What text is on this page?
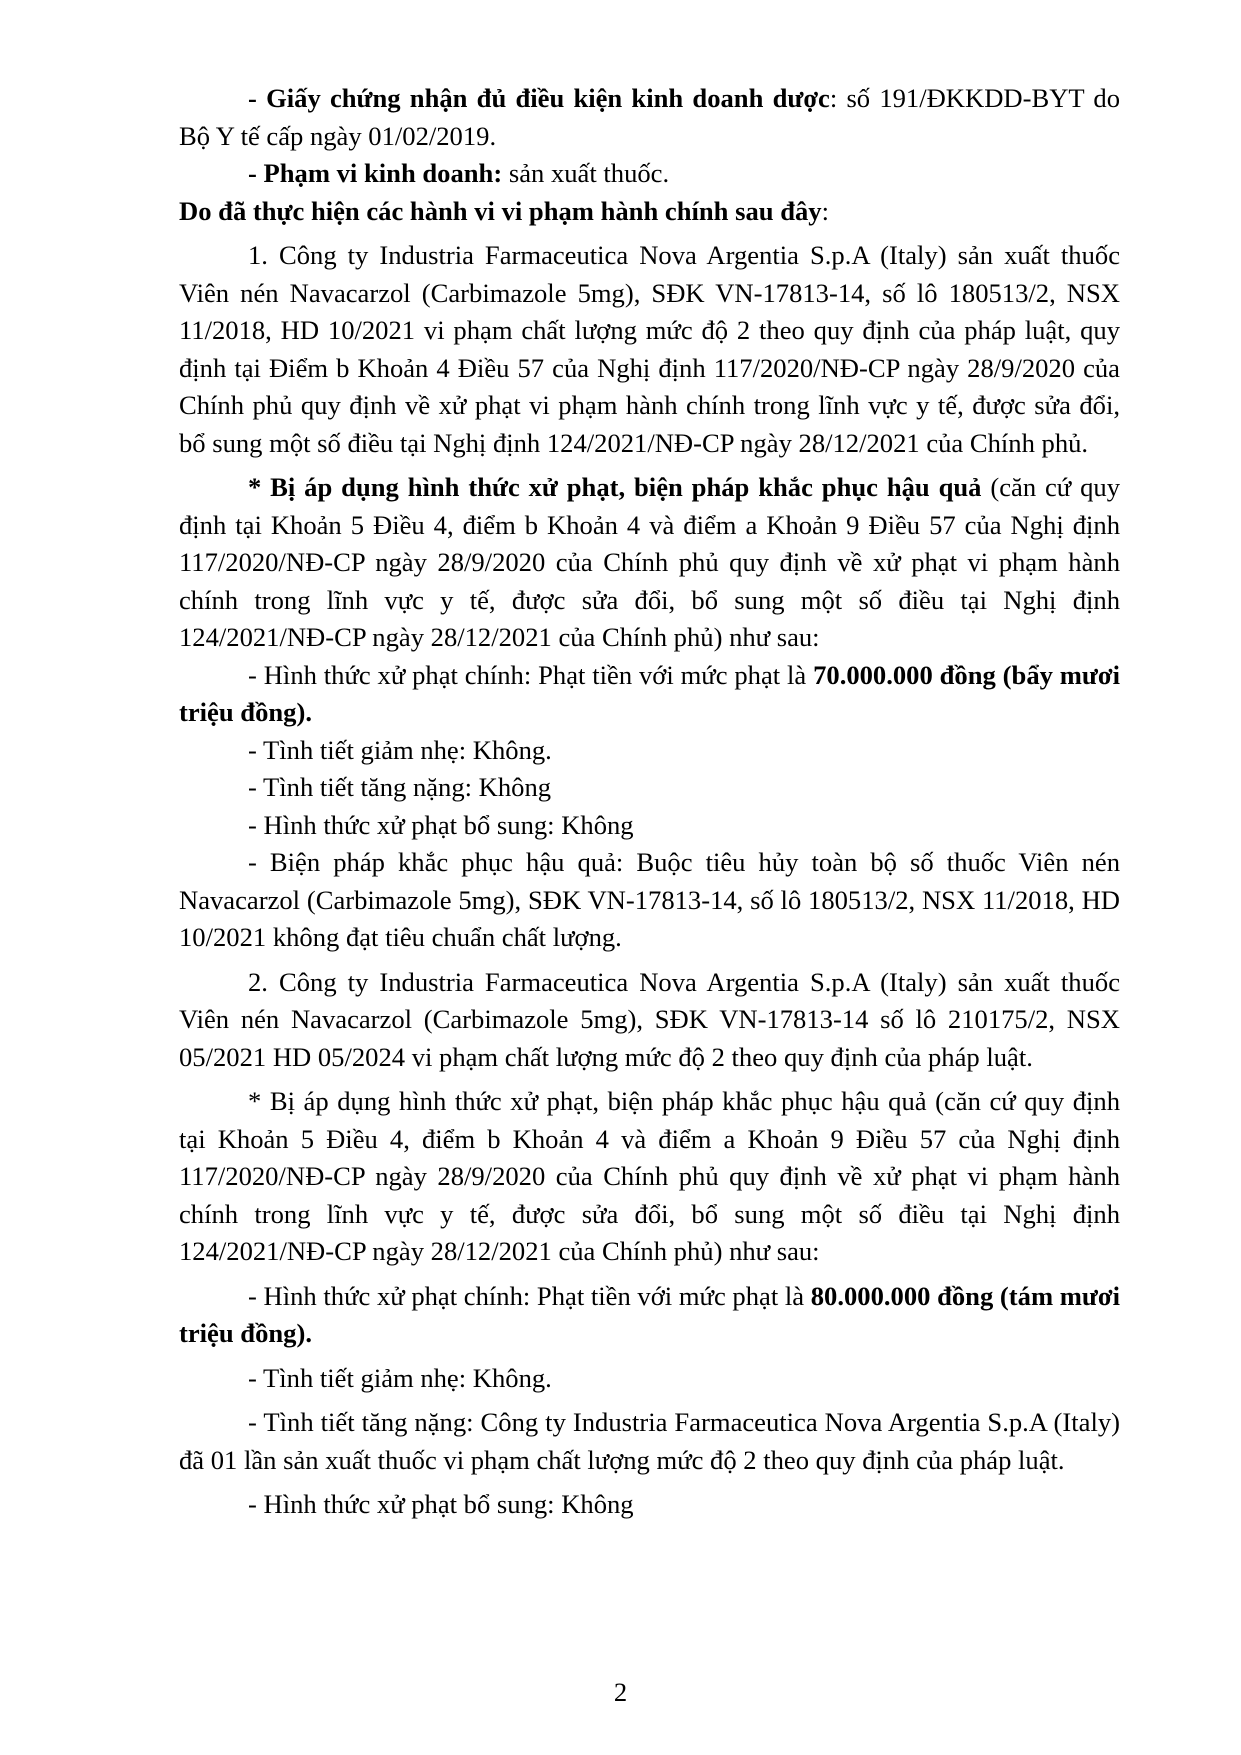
- Giấy chứng nhận đủ điều kiện kinh doanh dược: số 191/ĐKKDD-BYT do Bộ Y tế cấp ngày 01/02/2019.

- Phạm vi kinh doanh: sản xuất thuốc.

Do đã thực hiện các hành vi vi phạm hành chính sau đây:

1. Công ty Industria Farmaceutica Nova Argentia S.p.A (Italy) sản xuất thuốc Viên nén Navacarzol (Carbimazole 5mg), SĐK VN-17813-14, số lô 180513/2, NSX 11/2018, HD 10/2021 vi phạm chất lượng mức độ 2 theo quy định của pháp luật, quy định tại Điểm b Khoản 4 Điều 57 của Nghị định 117/2020/NĐ-CP ngày 28/9/2020 của Chính phủ quy định về xử phạt vi phạm hành chính trong lĩnh vực y tế, được sửa đổi, bổ sung một số điều tại Nghị định 124/2021/NĐ-CP ngày 28/12/2021 của Chính phủ.

* Bị áp dụng hình thức xử phạt, biện pháp khắc phục hậu quả (căn cứ quy định tại Khoản 5 Điều 4, điểm b Khoản 4 và điểm a Khoản 9 Điều 57 của Nghị định 117/2020/NĐ-CP ngày 28/9/2020 của Chính phủ quy định về xử phạt vi phạm hành chính trong lĩnh vực y tế, được sửa đổi, bổ sung một số điều tại Nghị định 124/2021/NĐ-CP ngày 28/12/2021 của Chính phủ) như sau:

- Hình thức xử phạt chính: Phạt tiền với mức phạt là 70.000.000 đồng (bẩy mươi triệu đồng).

- Tình tiết giảm nhẹ: Không.

- Tình tiết tăng nặng: Không

- Hình thức xử phạt bổ sung: Không

- Biện pháp khắc phục hậu quả: Buộc tiêu hủy toàn bộ số thuốc Viên nén Navacarzol (Carbimazole 5mg), SĐK VN-17813-14, số lô 180513/2, NSX 11/2018, HD 10/2021 không đạt tiêu chuẩn chất lượng.

2. Công ty Industria Farmaceutica Nova Argentia S.p.A (Italy) sản xuất thuốc Viên nén Navacarzol (Carbimazole 5mg), SĐK VN-17813-14 số lô 210175/2, NSX 05/2021 HD 05/2024 vi phạm chất lượng mức độ 2 theo quy định của pháp luật.

* Bị áp dụng hình thức xử phạt, biện pháp khắc phục hậu quả (căn cứ quy định tại Khoản 5 Điều 4, điểm b Khoản 4 và điểm a Khoản 9 Điều 57 của Nghị định 117/2020/NĐ-CP ngày 28/9/2020 của Chính phủ quy định về xử phạt vi phạm hành chính trong lĩnh vực y tế, được sửa đổi, bổ sung một số điều tại Nghị định 124/2021/NĐ-CP ngày 28/12/2021 của Chính phủ) như sau:

- Hình thức xử phạt chính: Phạt tiền với mức phạt là 80.000.000 đồng (tám mươi triệu đồng).

- Tình tiết giảm nhẹ: Không.

- Tình tiết tăng nặng: Công ty Industria Farmaceutica Nova Argentia S.p.A (Italy) đã 01 lần sản xuất thuốc vi phạm chất lượng mức độ 2 theo quy định của pháp luật.

- Hình thức xử phạt bổ sung: Không

2
